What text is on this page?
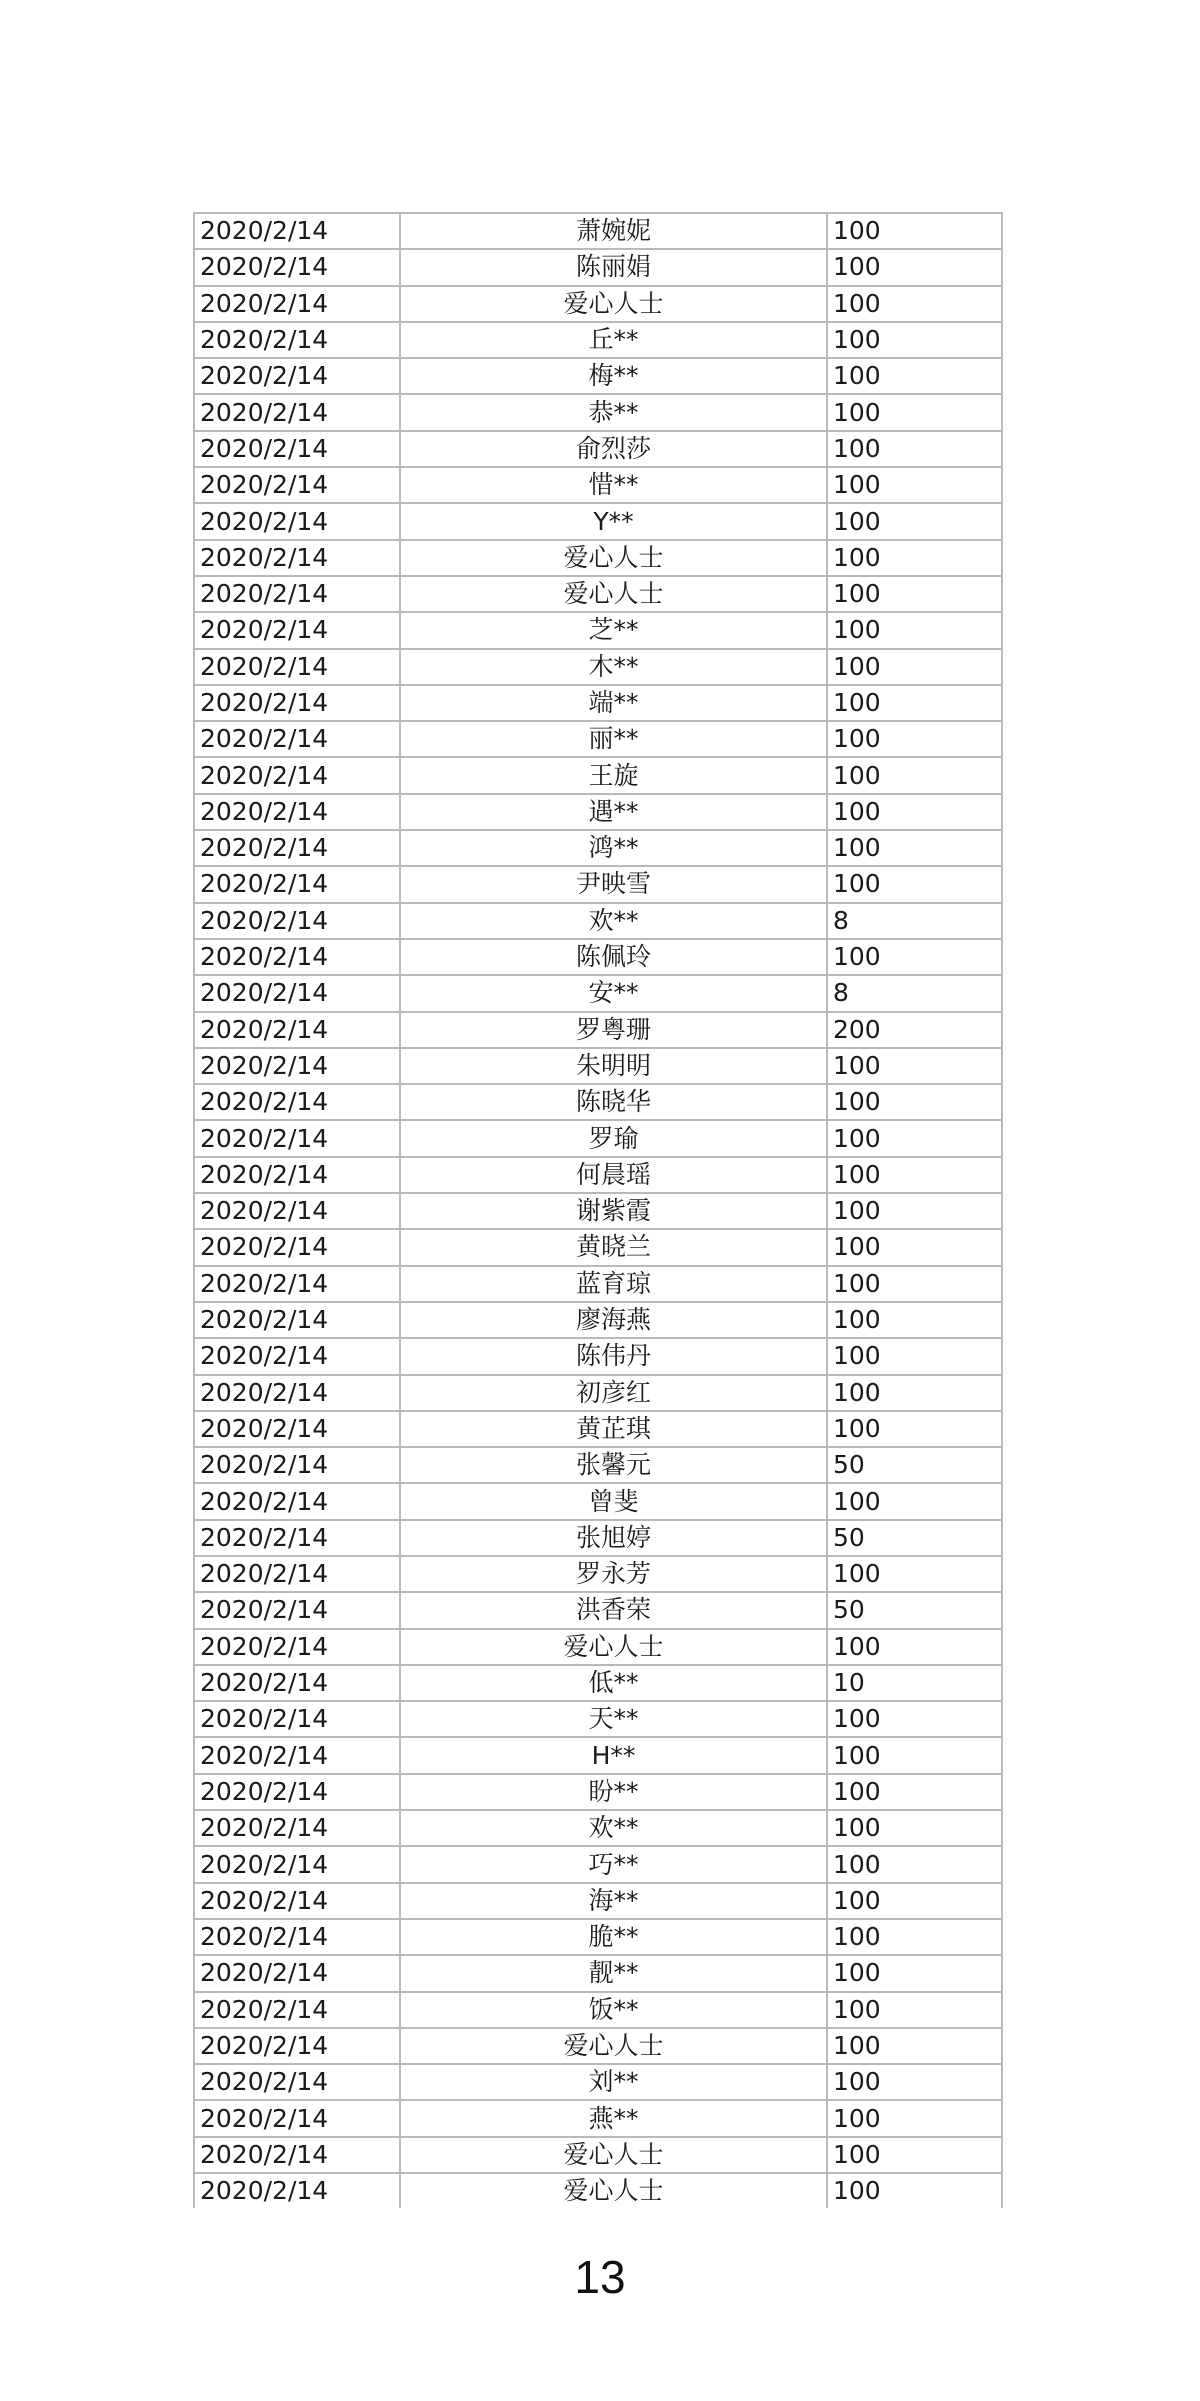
2020/2/14	萧婉妮	100
2020/2/14	陈丽娟	100
2020/2/14	爱心人士	100
2020/2/14	丘**	100
2020/2/14	梅**	100
2020/2/14	恭**	100
2020/2/14	俞烈莎	100
2020/2/14	惜**	100
2020/2/14	Y**	100
2020/2/14	爱心人士	100
2020/2/14	爱心人士	100
2020/2/14	芝**	100
2020/2/14	木**	100
2020/2/14	端**	100
2020/2/14	丽**	100
2020/2/14	王旋	100
2020/2/14	遇**	100
2020/2/14	鸿**	100
2020/2/14	尹映雪	100
2020/2/14	欢**	8
2020/2/14	陈佩玲	100
2020/2/14	安**	8
2020/2/14	罗粤珊	200
2020/2/14	朱明明	100
2020/2/14	陈晓华	100
2020/2/14	罗瑜	100
2020/2/14	何晨瑶	100
2020/2/14	谢紫霞	100
2020/2/14	黄晓兰	100
2020/2/14	蓝育琼	100
2020/2/14	廖海燕	100
2020/2/14	陈伟丹	100
2020/2/14	初彦红	100
2020/2/14	黄芷琪	100
2020/2/14	张馨元	50
2020/2/14	曾斐	100
2020/2/14	张旭婷	50
2020/2/14	罗永芳	100
2020/2/14	洪香荣	50
2020/2/14	爱心人士	100
2020/2/14	低**	10
2020/2/14	天**	100
2020/2/14	H**	100
2020/2/14	盼**	100
2020/2/14	欢**	100
2020/2/14	巧**	100
2020/2/14	海**	100
2020/2/14	脆**	100
2020/2/14	靓**	100
2020/2/14	饭**	100
2020/2/14	爱心人士	100
2020/2/14	刘**	100
2020/2/14	燕**	100
2020/2/14	爱心人士	100
2020/2/14	爱心人士	100
13
